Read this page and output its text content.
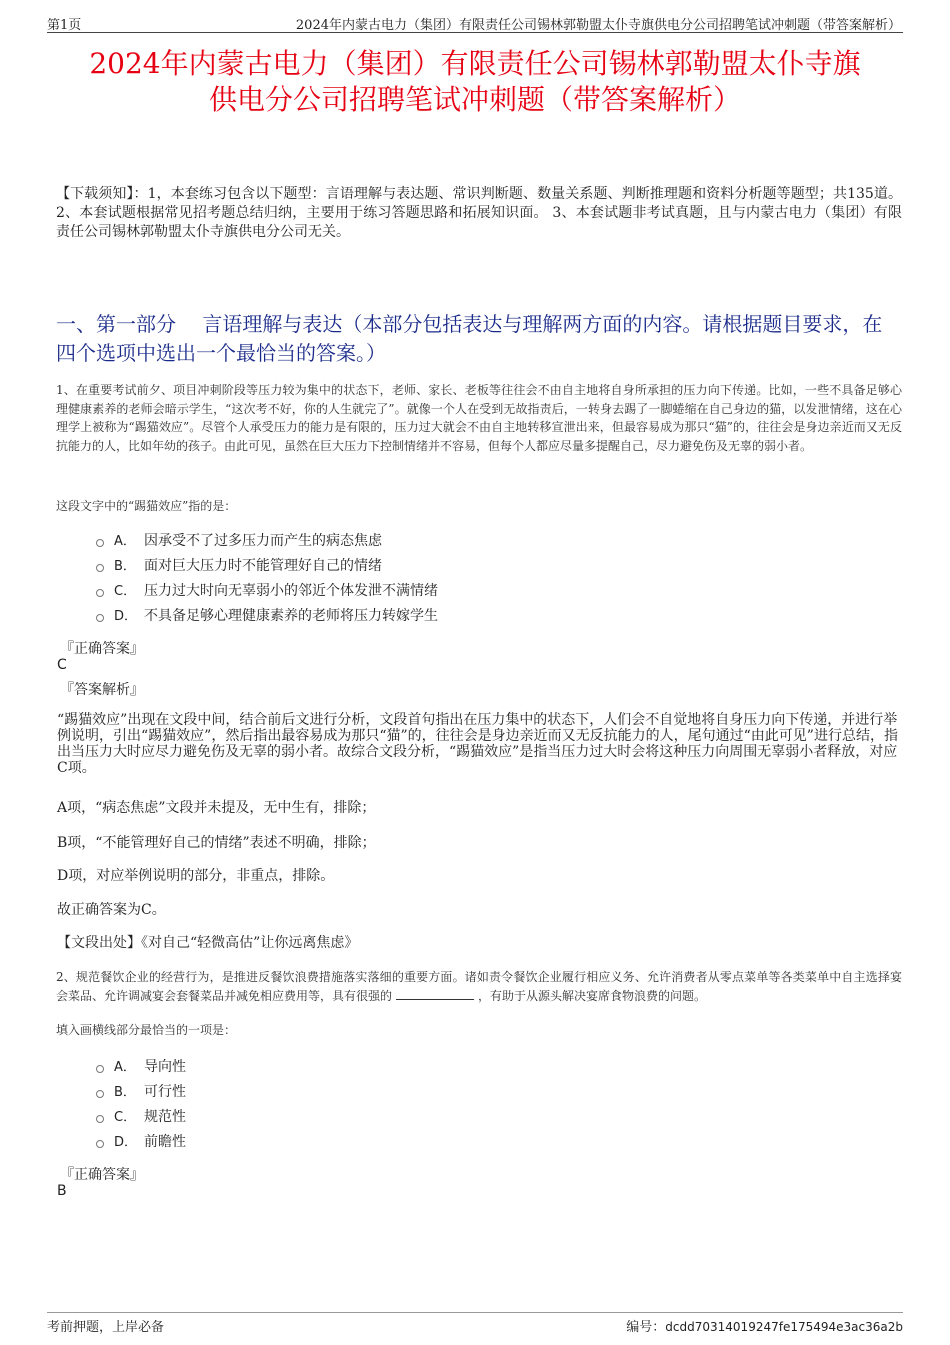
第1页	2024年内蒙古电力（集团）有限责任公司锡林郭勒盟太仆寺旗供电分公司招聘笔试冲刺题（带答案解析）
2024年内蒙古电力（集团）有限责任公司锡林郭勒盟太仆寺旗
供电分公司招聘笔试冲刺题（带答案解析）
【下载须知】：1，本套练习包含以下题型：言语理解与表达题、常识判断题、数量关系题、判断推理题和资料分析题等题型；共135道。 2、本套试题根据常见招考题总结归纳，主要用于练习答题思路和拓展知识面。 3、本套试题非考试真题，且与内蒙古电力（集团）有限责任公司锡林郭勒盟太仆寺旗供电分公司无关。
一、第一部分　 言语理解与表达（本部分包括表达与理解两方面的内容。请根据题目要求，在四个选项中选出一个最恰当的答案。）
1、在重要考试前夕、项目冲刺阶段等压力较为集中的状态下，老师、家长、老板等往往会不由自主地将自身所承担的压力向下传递。比如，一些不具备足够心理健康素养的老师会暗示学生，“这次考不好，你的人生就完了”。就像一个人在受到无故指责后，一转身去踢了一脚蜷缩在自己身边的猫，以发泄情绪，这在心理学上被称为“踢猫效应”。尽管个人承受压力的能力是有限的，压力过大就会不由自主地转移宣泄出来，但最容易成为那只“猫”的，往往会是身边亲近而又无反抗能力的人，比如年幼的孩子。由此可见，虽然在巨大压力下控制情绪并不容易，但每个人都应尽量多提醒自己，尽力避免伤及无辜的弱小者。
这段文字中的“踢猫效应”指的是：
A． 因承受不了过多压力而产生的病态焦虑
B． 面对巨大压力时不能管理好自己的情绪
C． 压力过大时向无辜弱小的邻近个体发泄不满情绪
D． 不具备足够心理健康素养的老师将压力转嫁学生
『正确答案』
C
『答案解析』
“踢猫效应”出现在文段中间，结合前后文进行分析，文段首句指出在压力集中的状态下，人们会不自觉地将自身压力向下传递，并进行举例说明，引出“踢猫效应”，然后指出最容易成为那只“猫”的，往往会是身边亲近而又无反抗能力的人，尾句通过“由此可见”进行总结，指出当压力大时应尽力避免伤及无辜的弱小者。故综合文段分析，“踢猫效应”是指当压力过大时会将这种压力向周围无辜弱小者释放，对应C项。
A项，“病态焦虑”文段并未提及，无中生有，排除；
B项，“不能管理好自己的情绪”表述不明确，排除；
D项，对应举例说明的部分，非重点，排除。
故正确答案为C。
【文段出处】《对自己“轻微高估”让你远离焦虑》
2、规范餐饮企业的经营行为，是推进反餐饮浪费措施落实落细的重要方面。诸如责令餐饮企业履行相应义务、允许消费者从零点菜单等各类菜单中自主选择宴会菜品、允许调减宴会套餐菜品并减免相应费用等，具有很强的	，有助于从源头解决宴席食物浪费的问题。
填入画横线部分最恰当的一项是：
A． 导向性
B． 可行性
C． 规范性
D． 前瞻性
『正确答案』
B
考前押题，上岸必备	编号：dcdd70314019247fe175494e3ac36a2b
